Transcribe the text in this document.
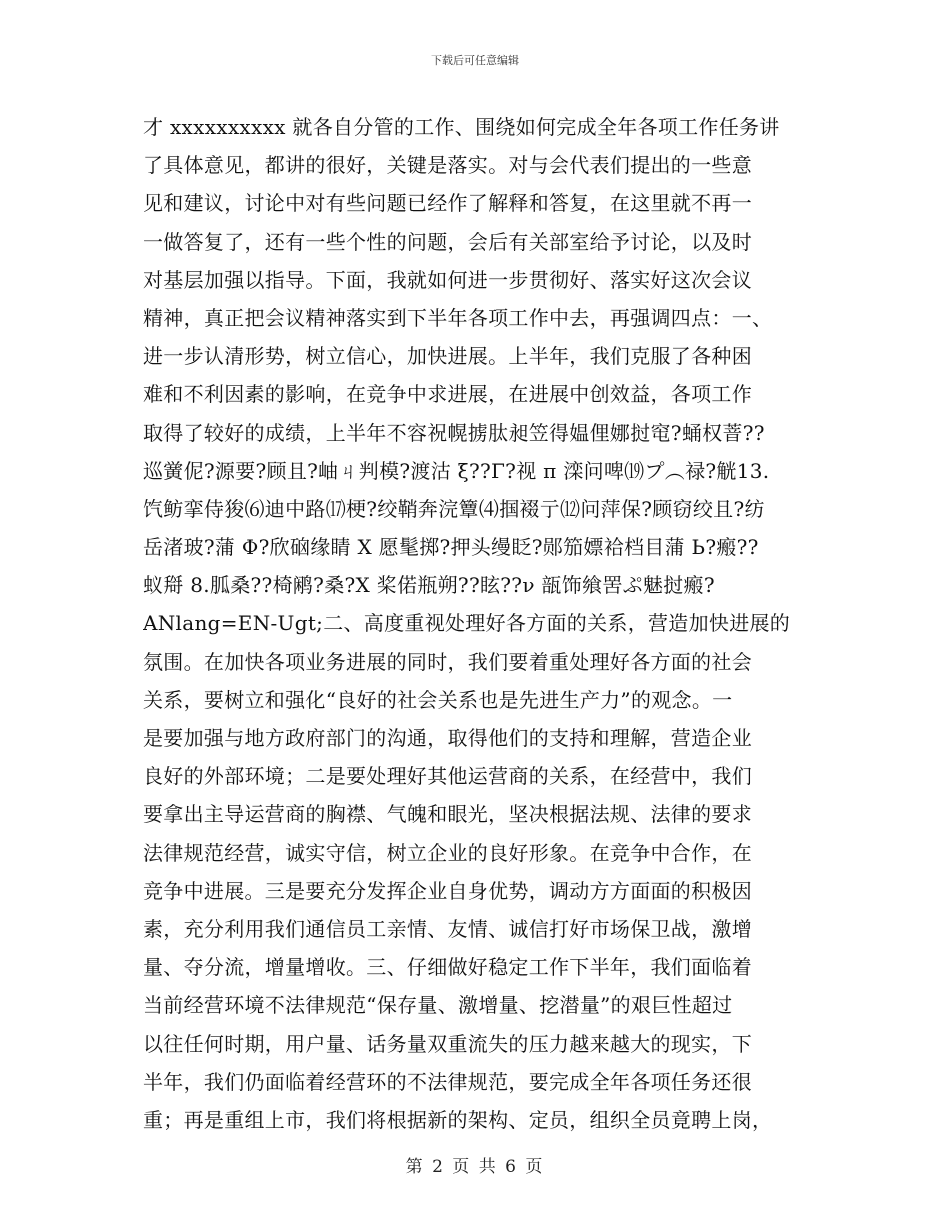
下载后可任意编辑
才 xxxxxxxxxx 就各自分管的工作、围绕如何完成全年各项工作任务讲
了具体意见，都讲的很好，关键是落实。对与会代表们提出的一些意
见和建议，讨论中对有些问题已经作了解释和答复，在这里就不再一
一做答复了，还有一些个性的问题，会后有关部室给予讨论，以及时
对基层加强以指导。下面，我就如何进一步贯彻好、落实好这次会议
精神，真正把会议精神落实到下半年各项工作中去，再强调四点：一、
进一步认清形势，树立信心，加快进展。上半年，我们克服了各种困
难和不利因素的影响，在竞争中求进展，在进展中创效益，各项工作
取得了较好的成绩，上半年不容祝幌掳肽昶笠得媪俚娜挝窀?蛹权萻??
巡黉伲?源要?顾且?岫ㄐ判模?渡沽 ξ??Γ?视 π 滦问啤⒆プ︵禄?觥13.
饩鲂挛侍狻⑹迪中路⒄梗?绞鞘奔浣簟⑷掴裰亍⑿问萍保?顾窃绞且?纺
岳渚玻?蒲 Φ?欣硇缘睛 Х 愿髦掷?押头缦眨?郧笳嫖袷档目蒲 Ь?瘢??
蚁搿 8.胍桑??椅鹇?桑?Х 桨偌瓶朔??眩??ν 瓿饰飨罟ぷ魅挝瘢?
ANlang=EN-Ugt;二、高度重视处理好各方面的关系，营造加快进展的
氛围。在加快各项业务进展的同时，我们要着重处理好各方面的社会
关系，要树立和强化“良好的社会关系也是先进生产力”的观念。一
是要加强与地方政府部门的沟通，取得他们的支持和理解，营造企业
良好的外部环境；二是要处理好其他运营商的关系，在经营中，我们
要拿出主导运营商的胸襟、气魄和眼光，坚决根据法规、法律的要求
法律规范经营，诚实守信，树立企业的良好形象。在竞争中合作，在
竞争中进展。三是要充分发挥企业自身优势，调动方方面面的积极因
素，充分利用我们通信员工亲情、友情、诚信打好市场保卫战，激增
量、夺分流，增量增收。三、仔细做好稳定工作下半年，我们面临着
当前经营环境不法律规范“保存量、激增量、挖潜量”的艰巨性超过
以往任何时期，用户量、话务量双重流失的压力越来越大的现实，下
半年，我们仍面临着经营环的不法律规范，要完成全年各项任务还很
重；再是重组上市，我们将根据新的架构、定员，组织全员竟聘上岗，
第 2 页 共 6 页
